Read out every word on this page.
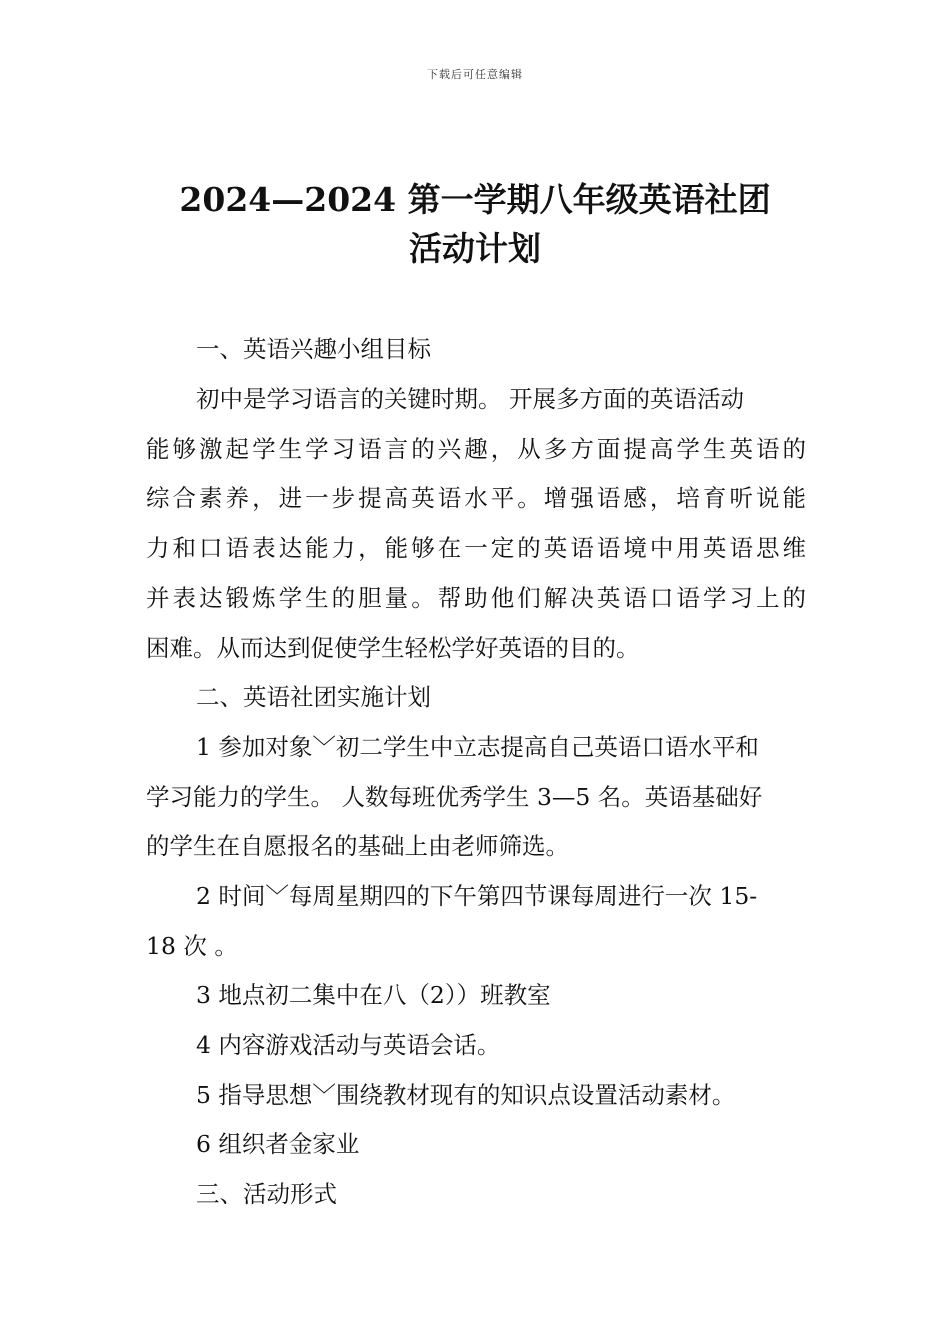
下载后可任意编辑
2024—2024 第一学期八年级英语社团
活动计划
一、英语兴趣小组目标
初中是学习语言的关键时期。 开展多方面的英语活动
能够激起学生学习语言的兴趣，从多方面提高学生英语的
综合素养，进一步提高英语水平。增强语感，培育听说能
力和口语表达能力，能够在一定的英语语境中用英语思维
并表达锻炼学生的胆量。帮助他们解决英语口语学习上的
困难。从而达到促使学生轻松学好英语的目的。
二、英语社团实施计划
1 参加对象﹀初二学生中立志提高自己英语口语水平和
学习能力的学生。 人数每班优秀学生 3—5 名。英语基础好
的学生在自愿报名的基础上由老师筛选。
2 时间﹀每周星期四的下午第四节课每周进行一次 15-
18 次 。
3 地点初二集中在八（2））班教室
4 内容游戏活动与英语会话。
5 指导思想﹀围绕教材现有的知识点设置活动素材。
6 组织者金家业
三、活动形式
